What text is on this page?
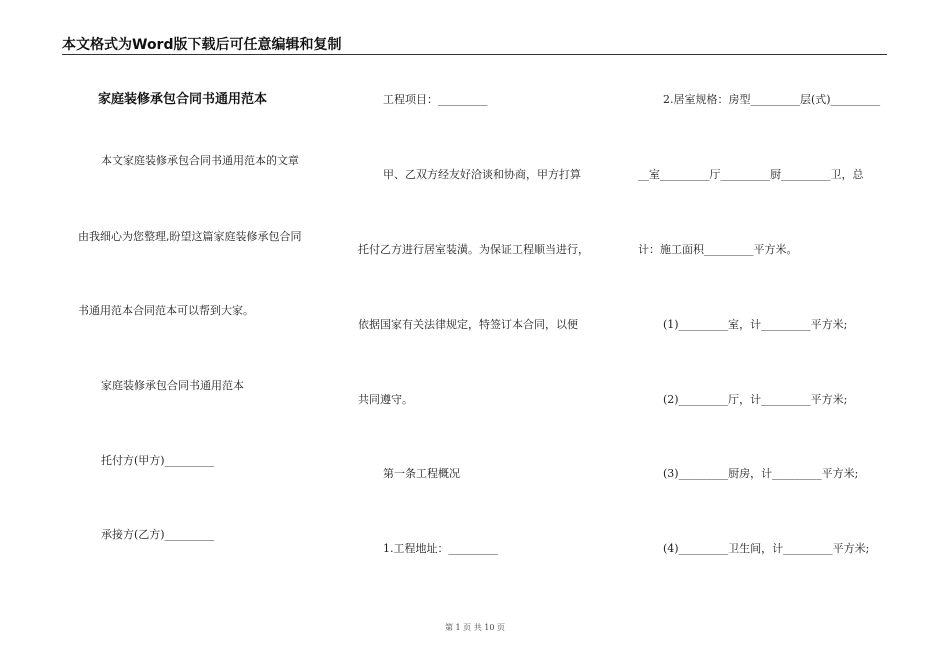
本文格式为Word版下载后可任意编辑和复制
家庭装修承包合同书通用范本
本文家庭装修承包合同书通用范本的文章
由我细心为您整理,盼望这篇家庭装修承包合同
书通用范本合同范本可以帮到大家。
家庭装修承包合同书通用范本
托付方(甲方)_________
承接方(乙方)_________
工程项目：_________
甲、乙双方经友好洽谈和协商，甲方打算
托付乙方进行居室装潢。为保证工程顺当进行，
依据国家有关法律规定，特签订本合同，以便
共同遵守。
第一条工程概况
1.工程地址：_________
2.居室规格：房型_________层(式)_________
__室_________厅_________厨_________卫，总
计：施工面积_________平方米。
(1)_________室，计_________平方米;
(2)_________厅，计_________平方米;
(3)_________厨房，计_________平方米;
(4)_________卫生间，计_________平方米;
第 1 页 共 10 页
